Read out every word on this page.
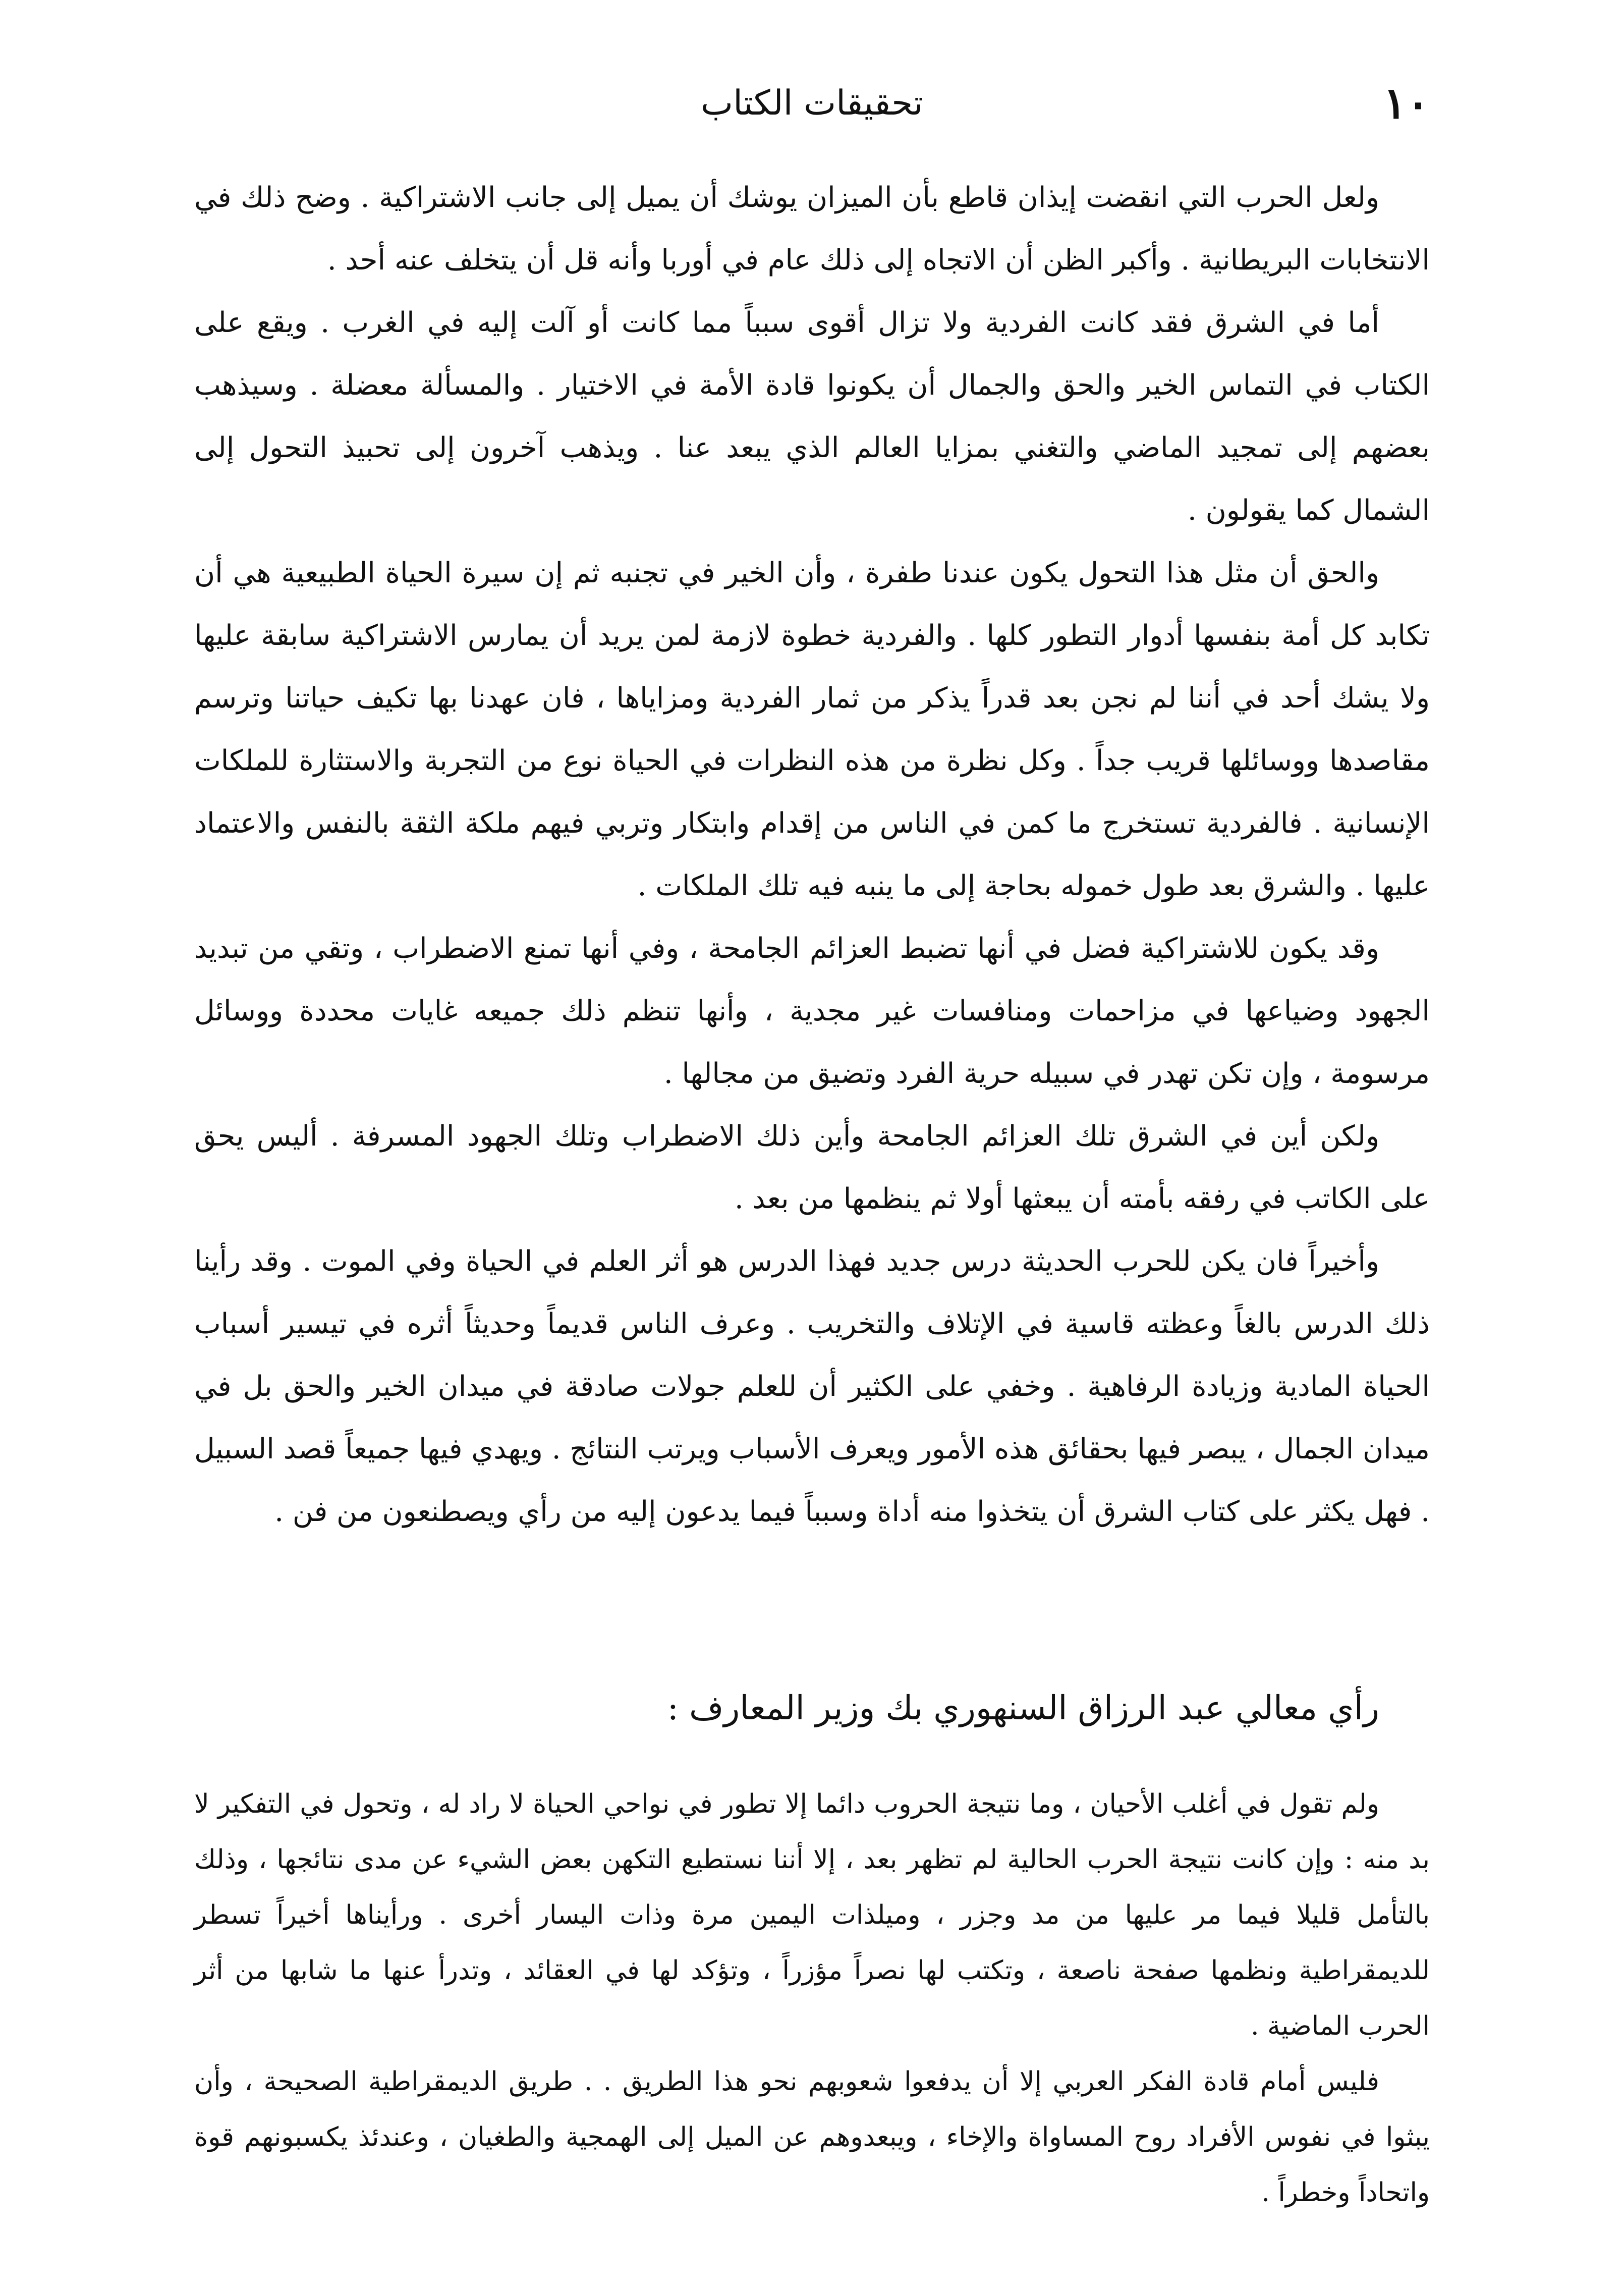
١٠
تحقيقات الكتاب

ولعل الحرب التي انقضت إيذان قاطع بأن الميزان يوشك أن يميل إلى جانب الاشتراكية . وضح ذلك في الانتخابات البريطانية . وأكبر الظن أن الاتجاه إلى ذلك عام في أوربا وأنه قل أن يتخلف عنه أحد .

أما في الشرق فقد كانت الفردية ولا تزال أقوى سبباً مما كانت أو آلت إليه في الغرب . ويقع على الكتاب في التماس الخير والحق والجمال أن يكونوا قادة الأمة في الاختيار . والمسألة معضلة . وسيذهب بعضهم إلى تمجيد الماضي والتغني بمزايا العالم الذي يبعد عنا . ويذهب آخرون إلى تحبيذ التحول إلى الشمال كما يقولون .

والحق أن مثل هذا التحول يكون عندنا طفرة ، وأن الخير في تجنبه ثم إن سيرة الحياة الطبيعية هي أن تكابد كل أمة بنفسها أدوار التطور كلها . والفردية خطوة لازمة لمن يريد أن يمارس الاشتراكية سابقة عليها ولا يشك أحد في أننا لم نجن بعد قدراً يذكر من ثمار الفردية ومزاياها ، فان عهدنا بها تكيف حياتنا وترسم مقاصدها ووسائلها قريب جداً . وكل نظرة من هذه النظرات في الحياة نوع من التجربة والاستثارة للملكات الإنسانية . فالفردية تستخرج ما كمن في الناس من إقدام وابتكار وتربي فيهم ملكة الثقة بالنفس والاعتماد عليها . والشرق بعد طول خموله بحاجة إلى ما ينبه فيه تلك الملكات .

وقد يكون للاشتراكية فضل في أنها تضبط العزائم الجامحة ، وفي أنها تمنع الاضطراب ، وتقي من تبديد الجهود وضياعها في مزاحمات ومنافسات غير مجدية ، وأنها تنظم ذلك جميعه غايات محددة ووسائل مرسومة ، وإن تكن تهدر في سبيله حرية الفرد وتضيق من مجالها .

ولكن أين في الشرق تلك العزائم الجامحة وأين ذلك الاضطراب وتلك الجهود المسرفة . أليس يحق على الكاتب في رفقه بأمته أن يبعثها أولا ثم ينظمها من بعد .

وأخيراً فان يكن للحرب الحديثة درس جديد فهذا الدرس هو أثر العلم في الحياة وفي الموت . وقد رأينا ذلك الدرس بالغاً وعظته قاسية في الإتلاف والتخريب . وعرف الناس قديماً وحديثاً أثره في تيسير أسباب الحياة المادية وزيادة الرفاهية . وخفي على الكثير أن للعلم جولات صادقة في ميدان الخير والحق بل في ميدان الجمال ، يبصر فيها بحقائق هذه الأمور ويعرف الأسباب ويرتب النتائج . ويهدي فيها جميعاً قصد السبيل . فهل يكثر على كتاب الشرق أن يتخذوا منه أداة وسبباً فيما يدعون إليه من رأي ويصطنعون من فن .

رأي معالي عبد الرزاق السنهوري بك وزير المعارف :

ولم تقول في أغلب الأحيان ، وما نتيجة الحروب دائما إلا تطور في نواحي الحياة لا راد له ، وتحول في التفكير لا بد منه : وإن كانت نتيجة الحرب الحالية لم تظهر بعد ، إلا أننا نستطيع التكهن بعض الشيء عن مدى نتائجها ، وذلك بالتأمل قليلا فيما مر عليها من مد وجزر ، وميلذات اليمين مرة وذات اليسار أخرى . ورأيناها أخيراً تسطر للديمقراطية ونظمها صفحة ناصعة ، وتكتب لها نصراً مؤزراً ، وتؤكد لها في العقائد ، وتدرأ عنها ما شابها من أثر الحرب الماضية .

فليس أمام قادة الفكر العربي إلا أن يدفعوا شعوبهم نحو هذا الطريق . . طريق الديمقراطية الصحيحة ، وأن يبثوا في نفوس الأفراد روح المساواة والإخاء ، ويبعدوهم عن الميل إلى الهمجية والطغيان ، وعندئذ يكسبونهم قوة واتحاداً وخطراً .
